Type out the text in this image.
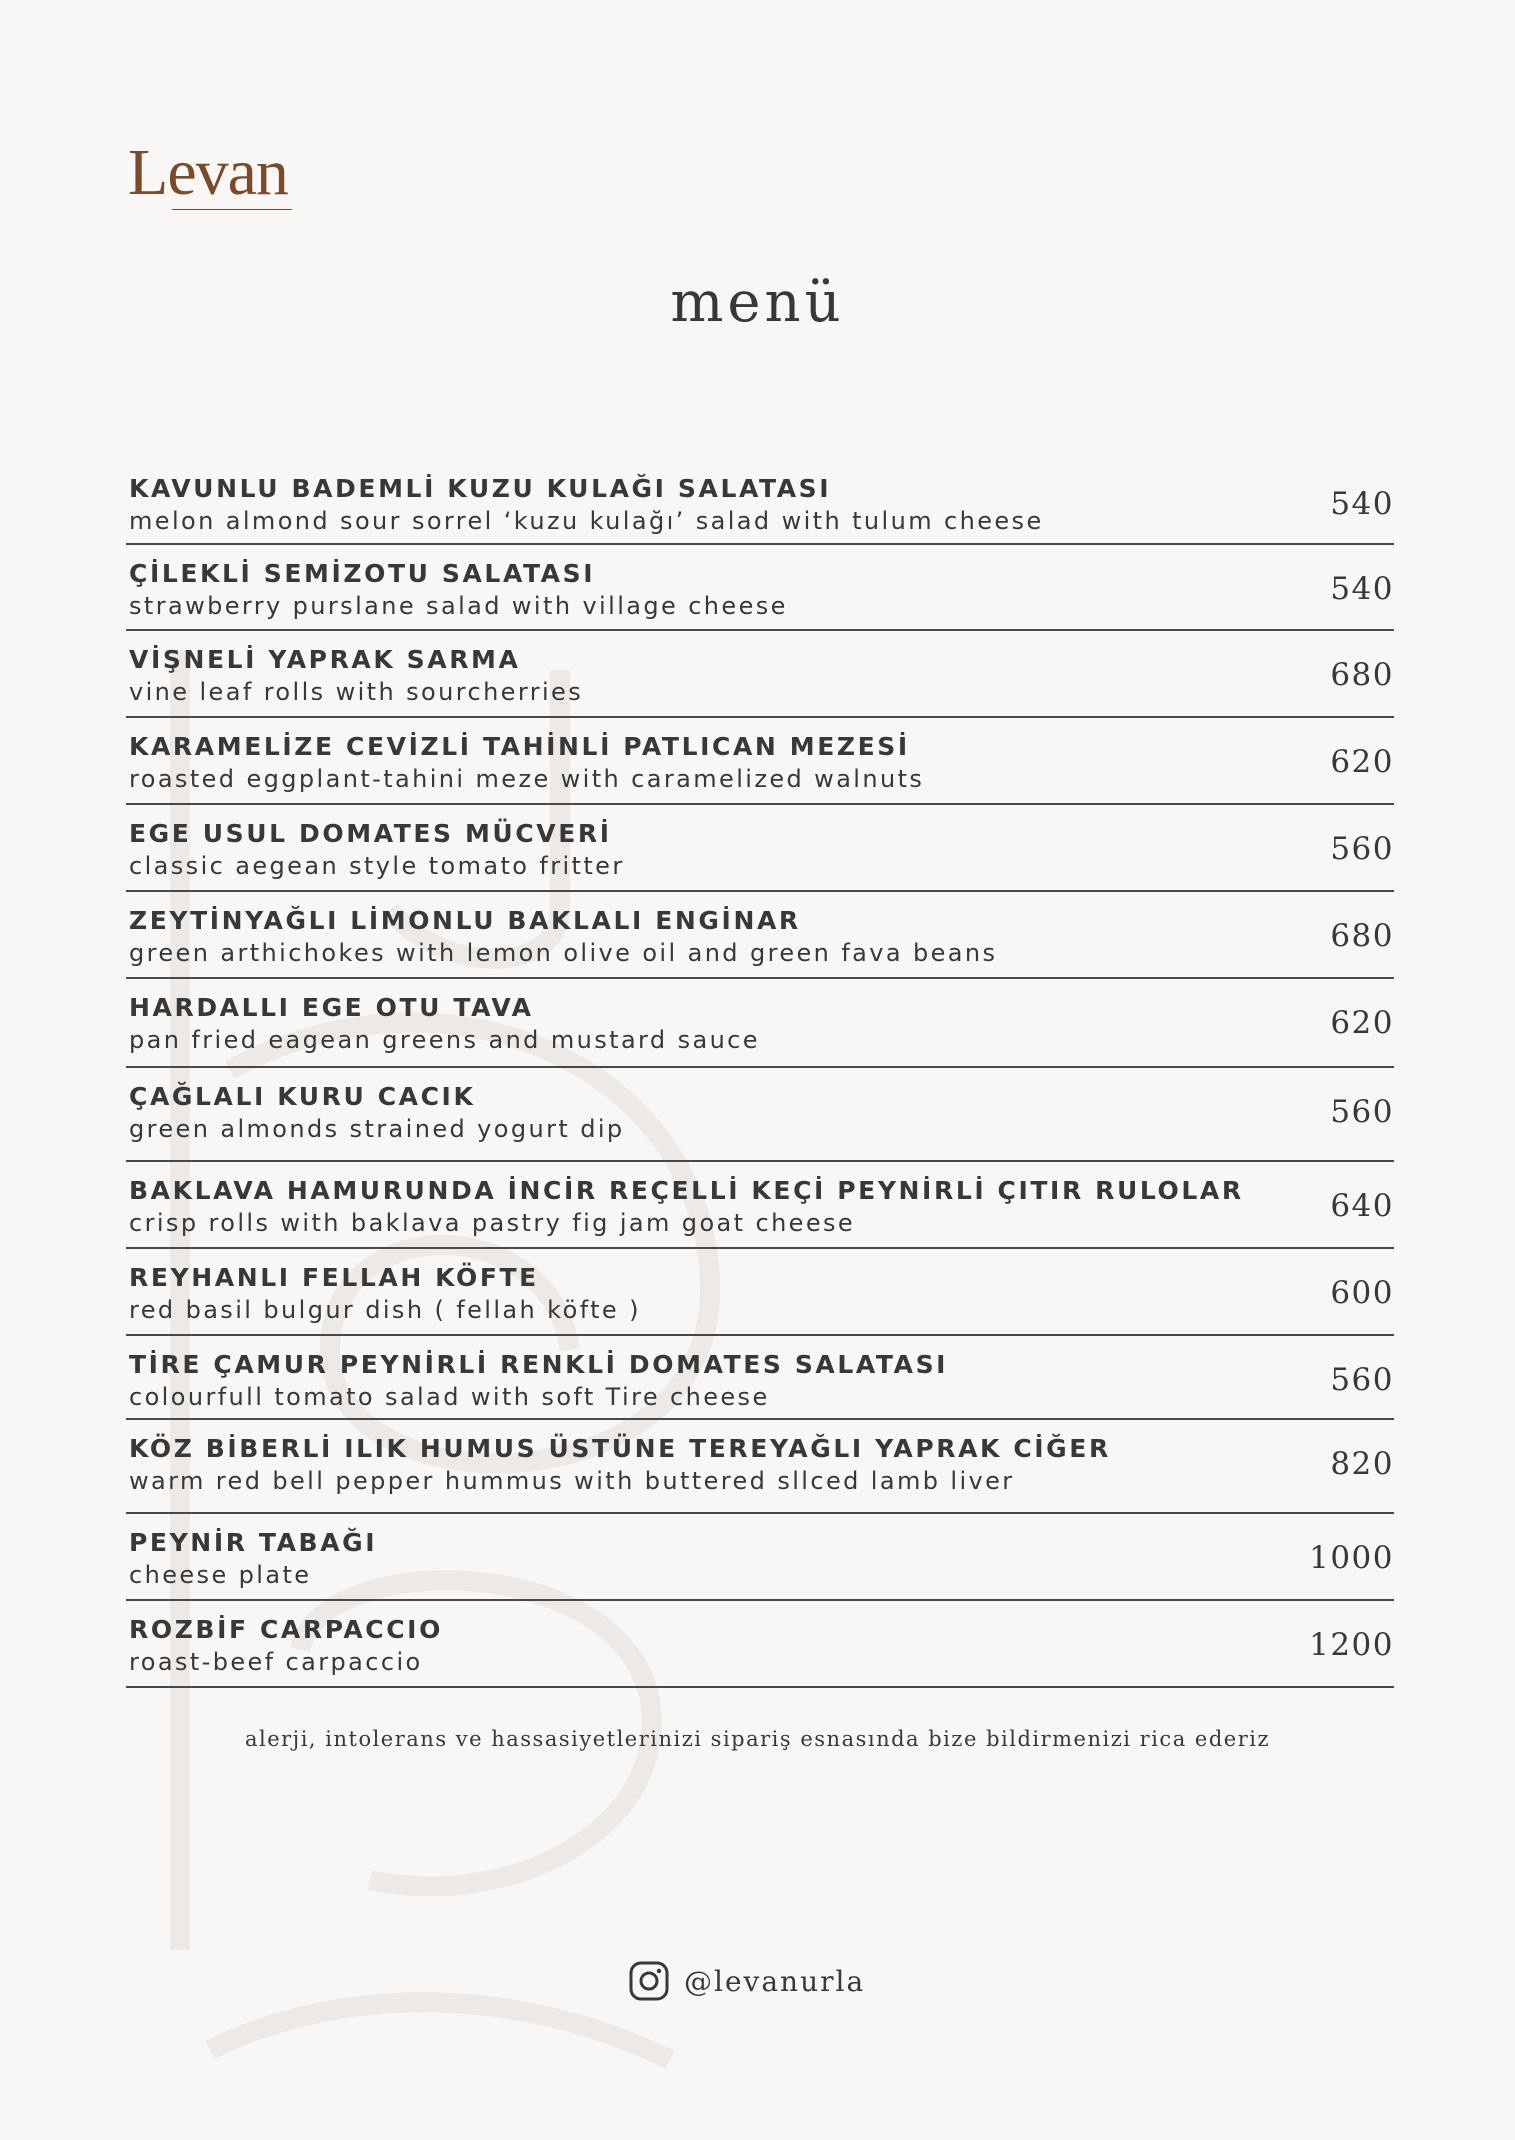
Levan
menü
KAVUNLU BADEMLİ KUZU KULAĞI SALATASI
melon almond sour sorrel ‘kuzu kulağı’ salad with tulum cheese	540
ÇİLEKLİ SEMİZOTU SALATASI
strawberry purslane salad with village cheese	540
VİŞNELİ YAPRAK SARMA
vine leaf rolls with sourcherries	680
KARAMELİZE CEVİZLİ TAHİNLİ PATLICAN MEZESİ
roasted eggplant-tahini meze with caramelized walnuts	620
EGE USUL DOMATES MÜCVERİ
classic aegean style tomato fritter	560
ZEYTİNYAĞLI LİMONLU BAKLALI ENGİNAR
green arthichokes with lemon olive oil and green fava beans	680
HARDALLI EGE OTU TAVA
pan fried eagean greens and mustard sauce	620
ÇAĞLALI KURU CACIK
green almonds strained yogurt dip	560
BAKLAVA HAMURUNDA İNCİR REÇELLİ KEÇİ PEYNİRLİ ÇITIR RULOLAR
crisp rolls with baklava pastry fig jam goat cheese	640
REYHANLI FELLAH KÖFTE
red basil bulgur dish ( fellah köfte )	600
TİRE ÇAMUR PEYNİRLİ RENKLİ DOMATES SALATASI
colourfull tomato salad with soft Tire cheese	560
KÖZ BİBERLİ ILIK HUMUS ÜSTÜNE TEREYAĞLI YAPRAK CİĞER
warm red bell pepper hummus with buttered sllced lamb liver	820
PEYNİR TABAĞI
cheese plate	1000
ROZBİF CARPACCIO
roast-beef carpaccio	1200
alerji, intolerans ve hassasiyetlerinizi sipariş esnasında bize bildirmenizi rica ederiz
@levanurla
